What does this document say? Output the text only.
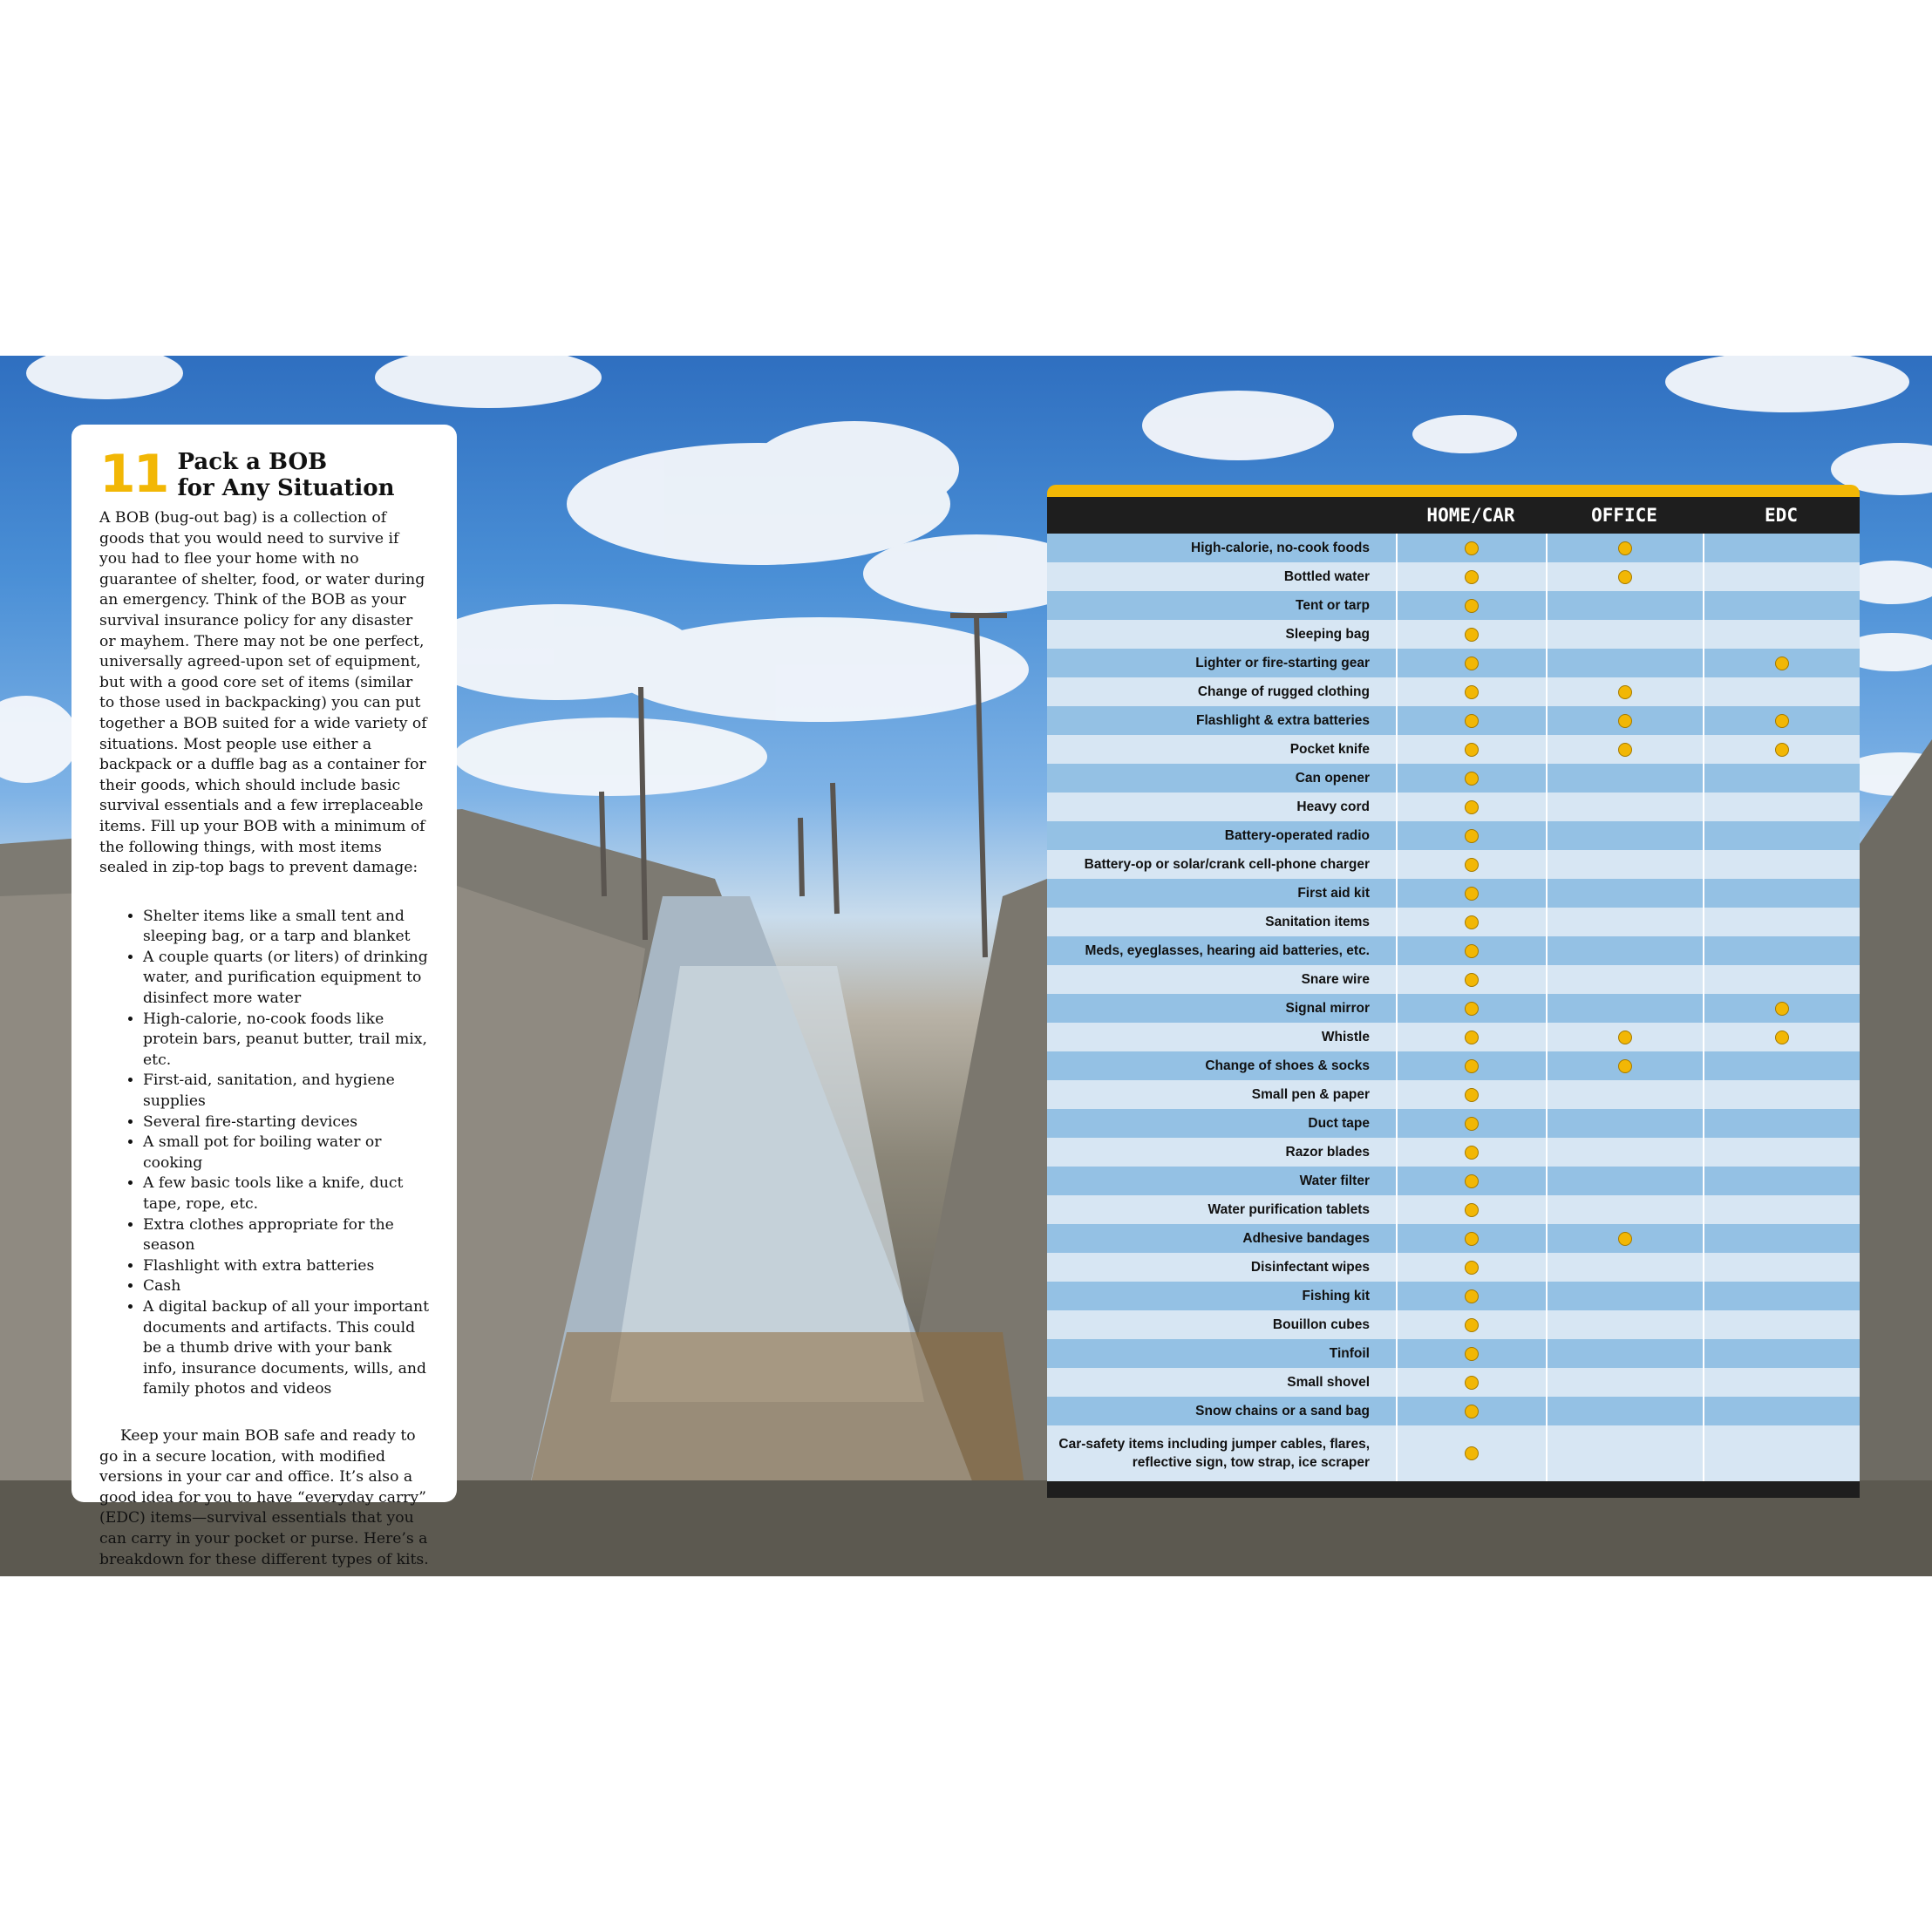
11 Pack a BOB
for Any Situation

A BOB (bug-out bag) is a collection of goods that you would need to survive if you had to flee your home with no guarantee of shelter, food, or water during an emergency. Think of the BOB as your survival insurance policy for any disaster or mayhem. There may not be one perfect, universally agreed-upon set of equipment, but with a good core set of items (similar to those used in backpacking) you can put together a BOB suited for a wide variety of situations. Most people use either a backpack or a duffle bag as a container for their goods, which should include basic survival essentials and a few irreplaceable items. Fill up your BOB with a minimum of the following things, with most items sealed in zip-top bags to prevent damage:

• Shelter items like a small tent and sleeping bag, or a tarp and blanket
• A couple quarts (or liters) of drinking water, and purification equipment to disinfect more water
• High-calorie, no-cook foods like protein bars, peanut butter, trail mix, etc.
• First-aid, sanitation, and hygiene supplies
• Several fire-starting devices
• A small pot for boiling water or cooking
• A few basic tools like a knife, duct tape, rope, etc.
• Extra clothes appropriate for the season
• Flashlight with extra batteries
• Cash
• A digital backup of all your important documents and artifacts. This could be a thumb drive with your bank info, insurance documents, wills, and family photos and videos

Keep your main BOB safe and ready to go in a secure location, with modified versions in your car and office. It’s also a good idea for you to have “everyday carry” (EDC) items—survival essentials that you can carry in your pocket or purse. Here’s a breakdown for these different types of kits.

HOME/CAR	OFFICE	EDC
High-calorie, no-cook foods
Bottled water
Tent or tarp
Sleeping bag
Lighter or fire-starting gear
Change of rugged clothing
Flashlight & extra batteries
Pocket knife
Can opener
Heavy cord
Battery-operated radio
Battery-op or solar/crank cell-phone charger
First aid kit
Sanitation items
Meds, eyeglasses, hearing aid batteries, etc.
Snare wire
Signal mirror
Whistle
Change of shoes & socks
Small pen & paper
Duct tape
Razor blades
Water filter
Water purification tablets
Adhesive bandages
Disinfectant wipes
Fishing kit
Bouillon cubes
Tinfoil
Small shovel
Snow chains or a sand bag
Car-safety items including jumper cables, flares,
reflective sign, tow strap, ice scraper
